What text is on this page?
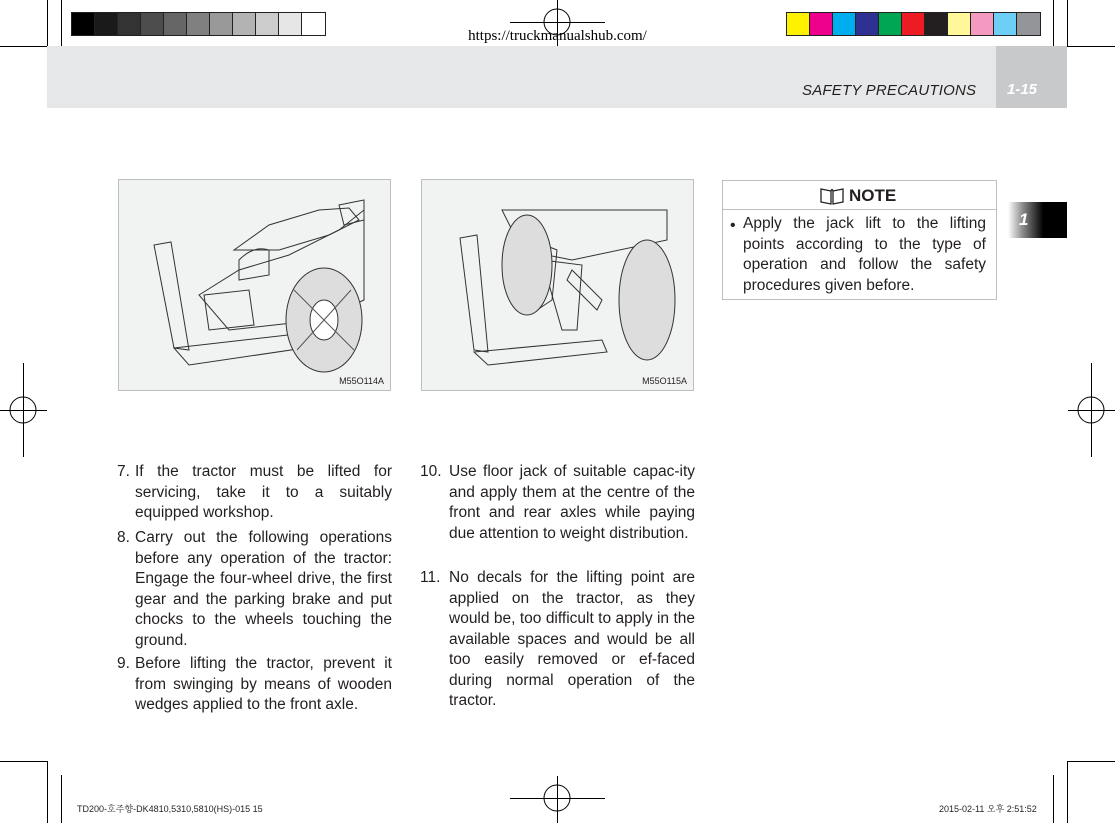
https://truckmanualshub.com/
SAFETY PRECAUTIONS 1-15
1
M55O114A	M55O115A
NOTE
• Apply the jack lift to the lifting points according to the type of operation and follow the safety procedures given before.
7. If the tractor must be lifted for servicing, take it to a suitably equipped workshop.
8. Carry out the following operations before any operation of the tractor: Engage the four-wheel drive, the first gear and the parking brake and put chocks to the wheels touching the ground.
9. Before lifting the tractor, prevent it from swinging by means of wooden wedges applied to the front axle.
10. Use floor jack of suitable capac-ity and apply them at the centre of the front and rear axles while paying due attention to weight distribution.
11. No decals for the lifting point are applied on the tractor, as they would be, too difficult to apply in the available spaces and would be all too easily removed or ef-faced during normal operation of the tractor.
TD200-호주향-DK4810,5310,5810(HS)-015 15	2015-02-11 오후 2:51:52
